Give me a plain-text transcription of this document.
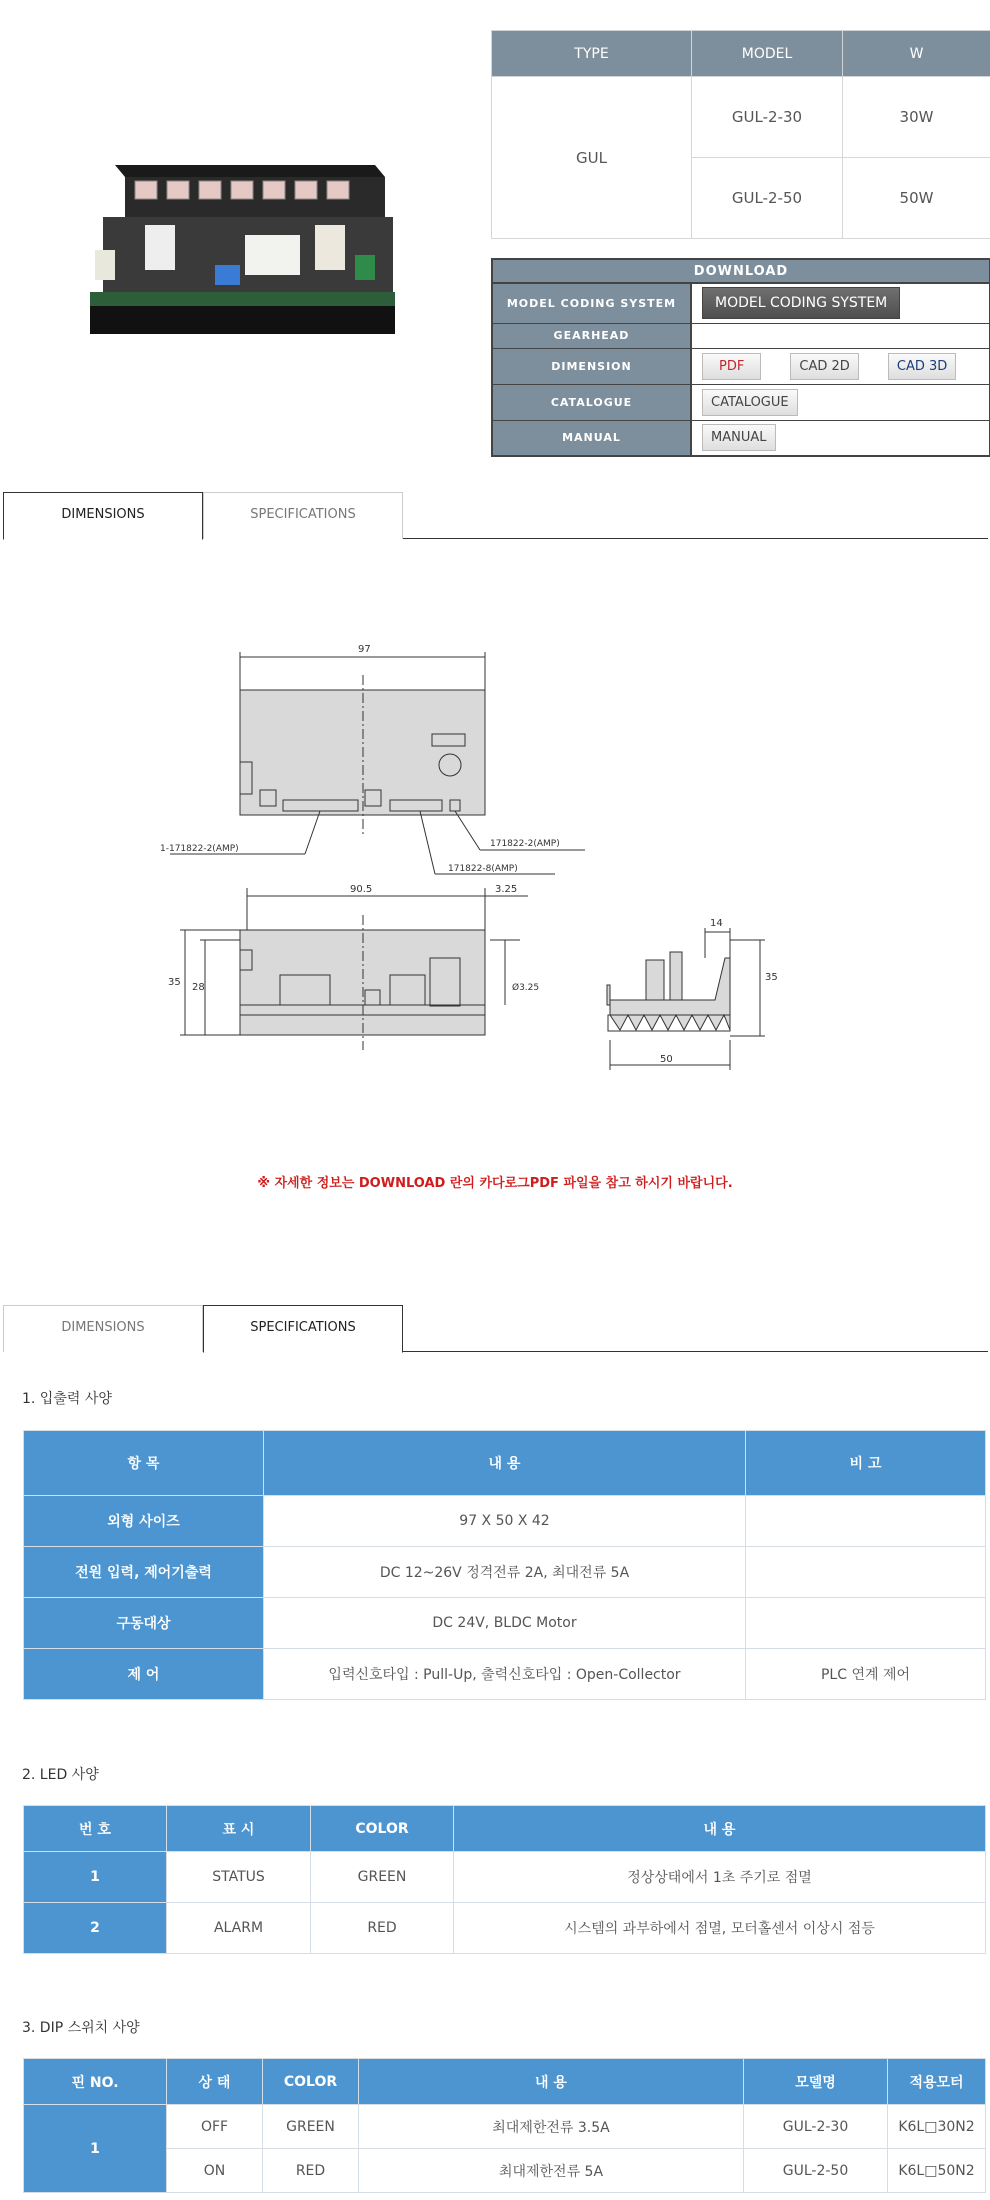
TYPE	MODEL	W
GUL	GUL-2-30	30W
	GUL-2-50	50W
DOWNLOAD	
MODEL CODING SYSTEM	MODEL CODING SYSTEM
GEARHEAD	
DIMENSION	PDF CAD 2D CAD 3D
CATALOGUE	CATALOGUE
MANUAL	MANUAL
DIMENSIONS	SPECIFICATIONS
97
1-171822-2(AMP)	171822-2(AMP)
171822-8(AMP)
90.5	3.25
35 28	Ø3.25
14
35
50
※ 자세한 정보는 DOWNLOAD 란의 카다로그PDF 파일을 참고 하시기 바랍니다.
DIMENSIONS	SPECIFICATIONS
1. 입출력 사양
항 목	내 용	비 고
외형 사이즈	97 X 50 X 42	
전원 입력, 제어기출력	DC 12~26V 정격전류 2A, 최대전류 5A	
구동대상	DC 24V, BLDC Motor	
제 어	입력신호타입 : Pull-Up, 출력신호타입 : Open-Collector	PLC 연계 제어
2. LED 사양
번 호	표 시	COLOR	내 용
1	STATUS	GREEN	정상상태에서 1초 주기로 점멸
2	ALARM	RED	시스템의 과부하에서 점멸, 모터홀센서 이상시 점등
3. DIP 스위치 사양
핀 NO.	상 태	COLOR	내 용	모델명	적용모터
1	OFF	GREEN	최대제한전류 3.5A	GUL-2-30	K6L□30N2
	ON	RED	최대제한전류 5A	GUL-2-50	K6L□50N2
